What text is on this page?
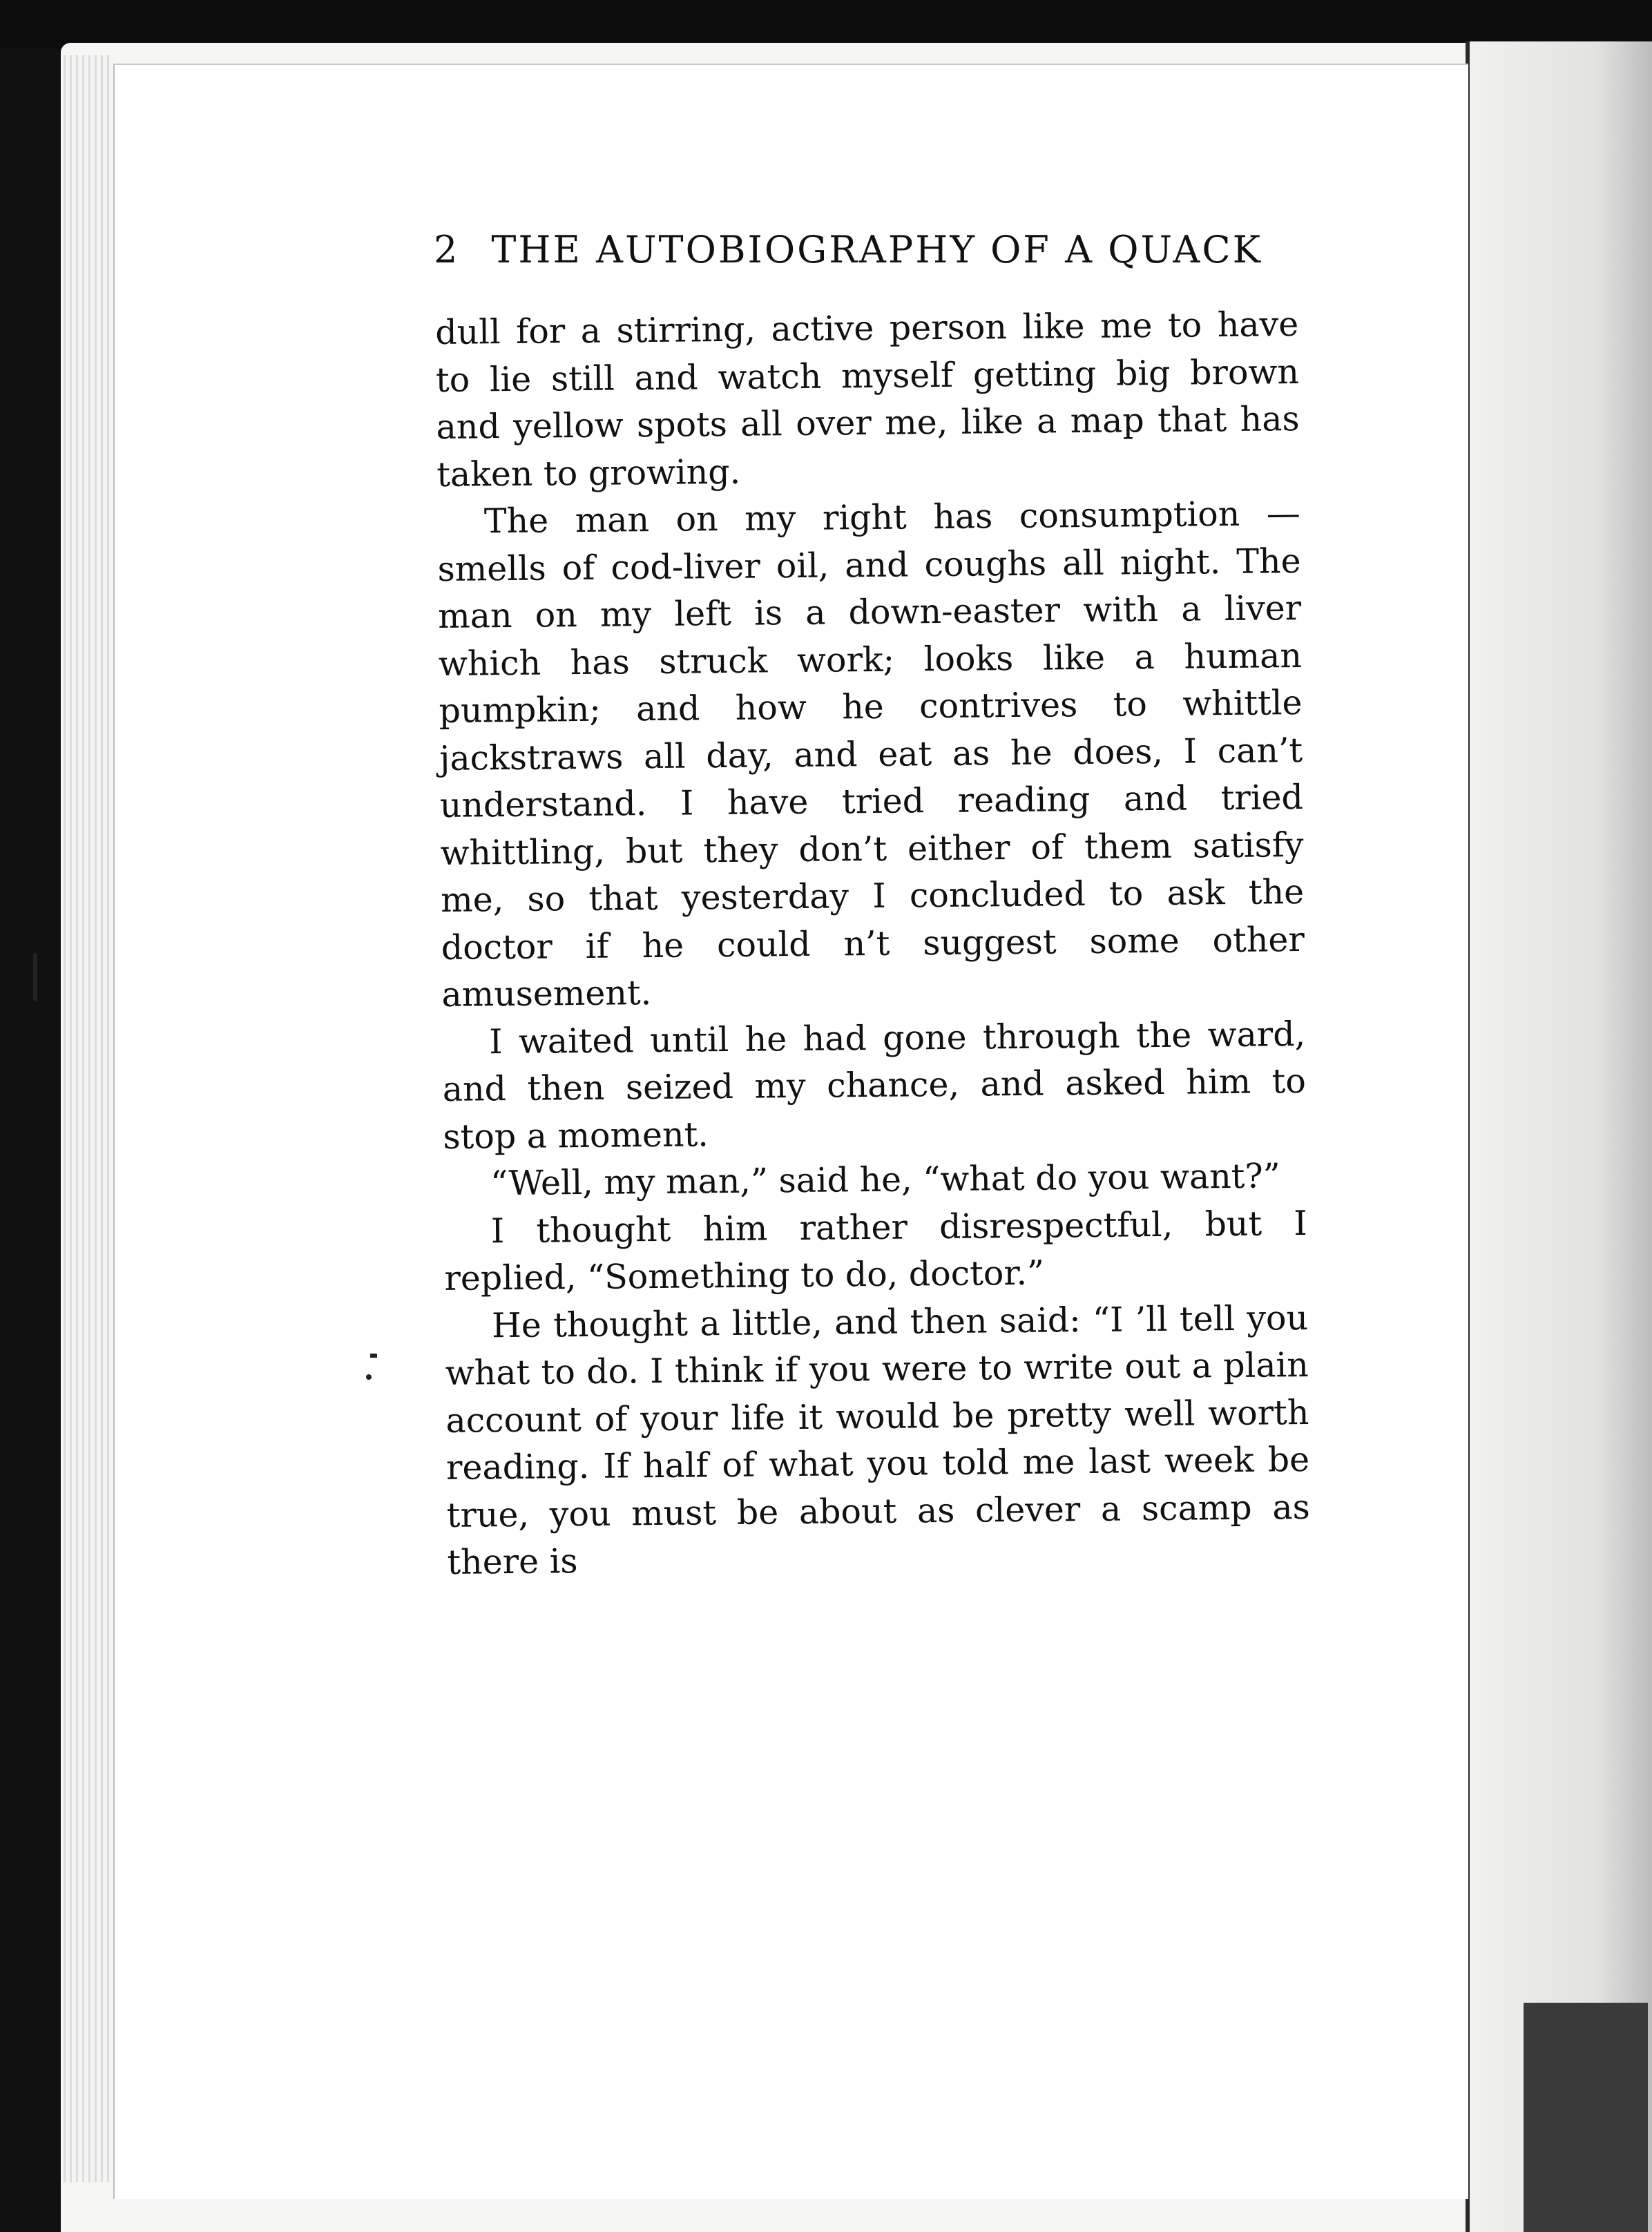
2 THE AUTOBIOGRAPHY OF A QUACK

dull for a stirring, active person like me to have to lie still and watch myself getting big brown and yellow spots all over me, like a map that has taken to growing.

The man on my right has consumption — smells of cod-liver oil, and coughs all night. The man on my left is a down-easter with a liver which has struck work; looks like a human pumpkin; and how he contrives to whittle jackstraws all day, and eat as he does, I can’t understand. I have tried reading and tried whittling, but they don’t either of them satisfy me, so that yesterday I concluded to ask the doctor if he could n’t suggest some other amusement.

I waited until he had gone through the ward, and then seized my chance, and asked him to stop a moment.

“Well, my man,” said he, “what do you want?”

I thought him rather disrespectful, but I replied, “Something to do, doctor.”

He thought a little, and then said: “I ’ll tell you what to do. I think if you were to write out a plain account of your life it would be pretty well worth reading. If half of what you told me last week be true, you must be about as clever a scamp as there is
